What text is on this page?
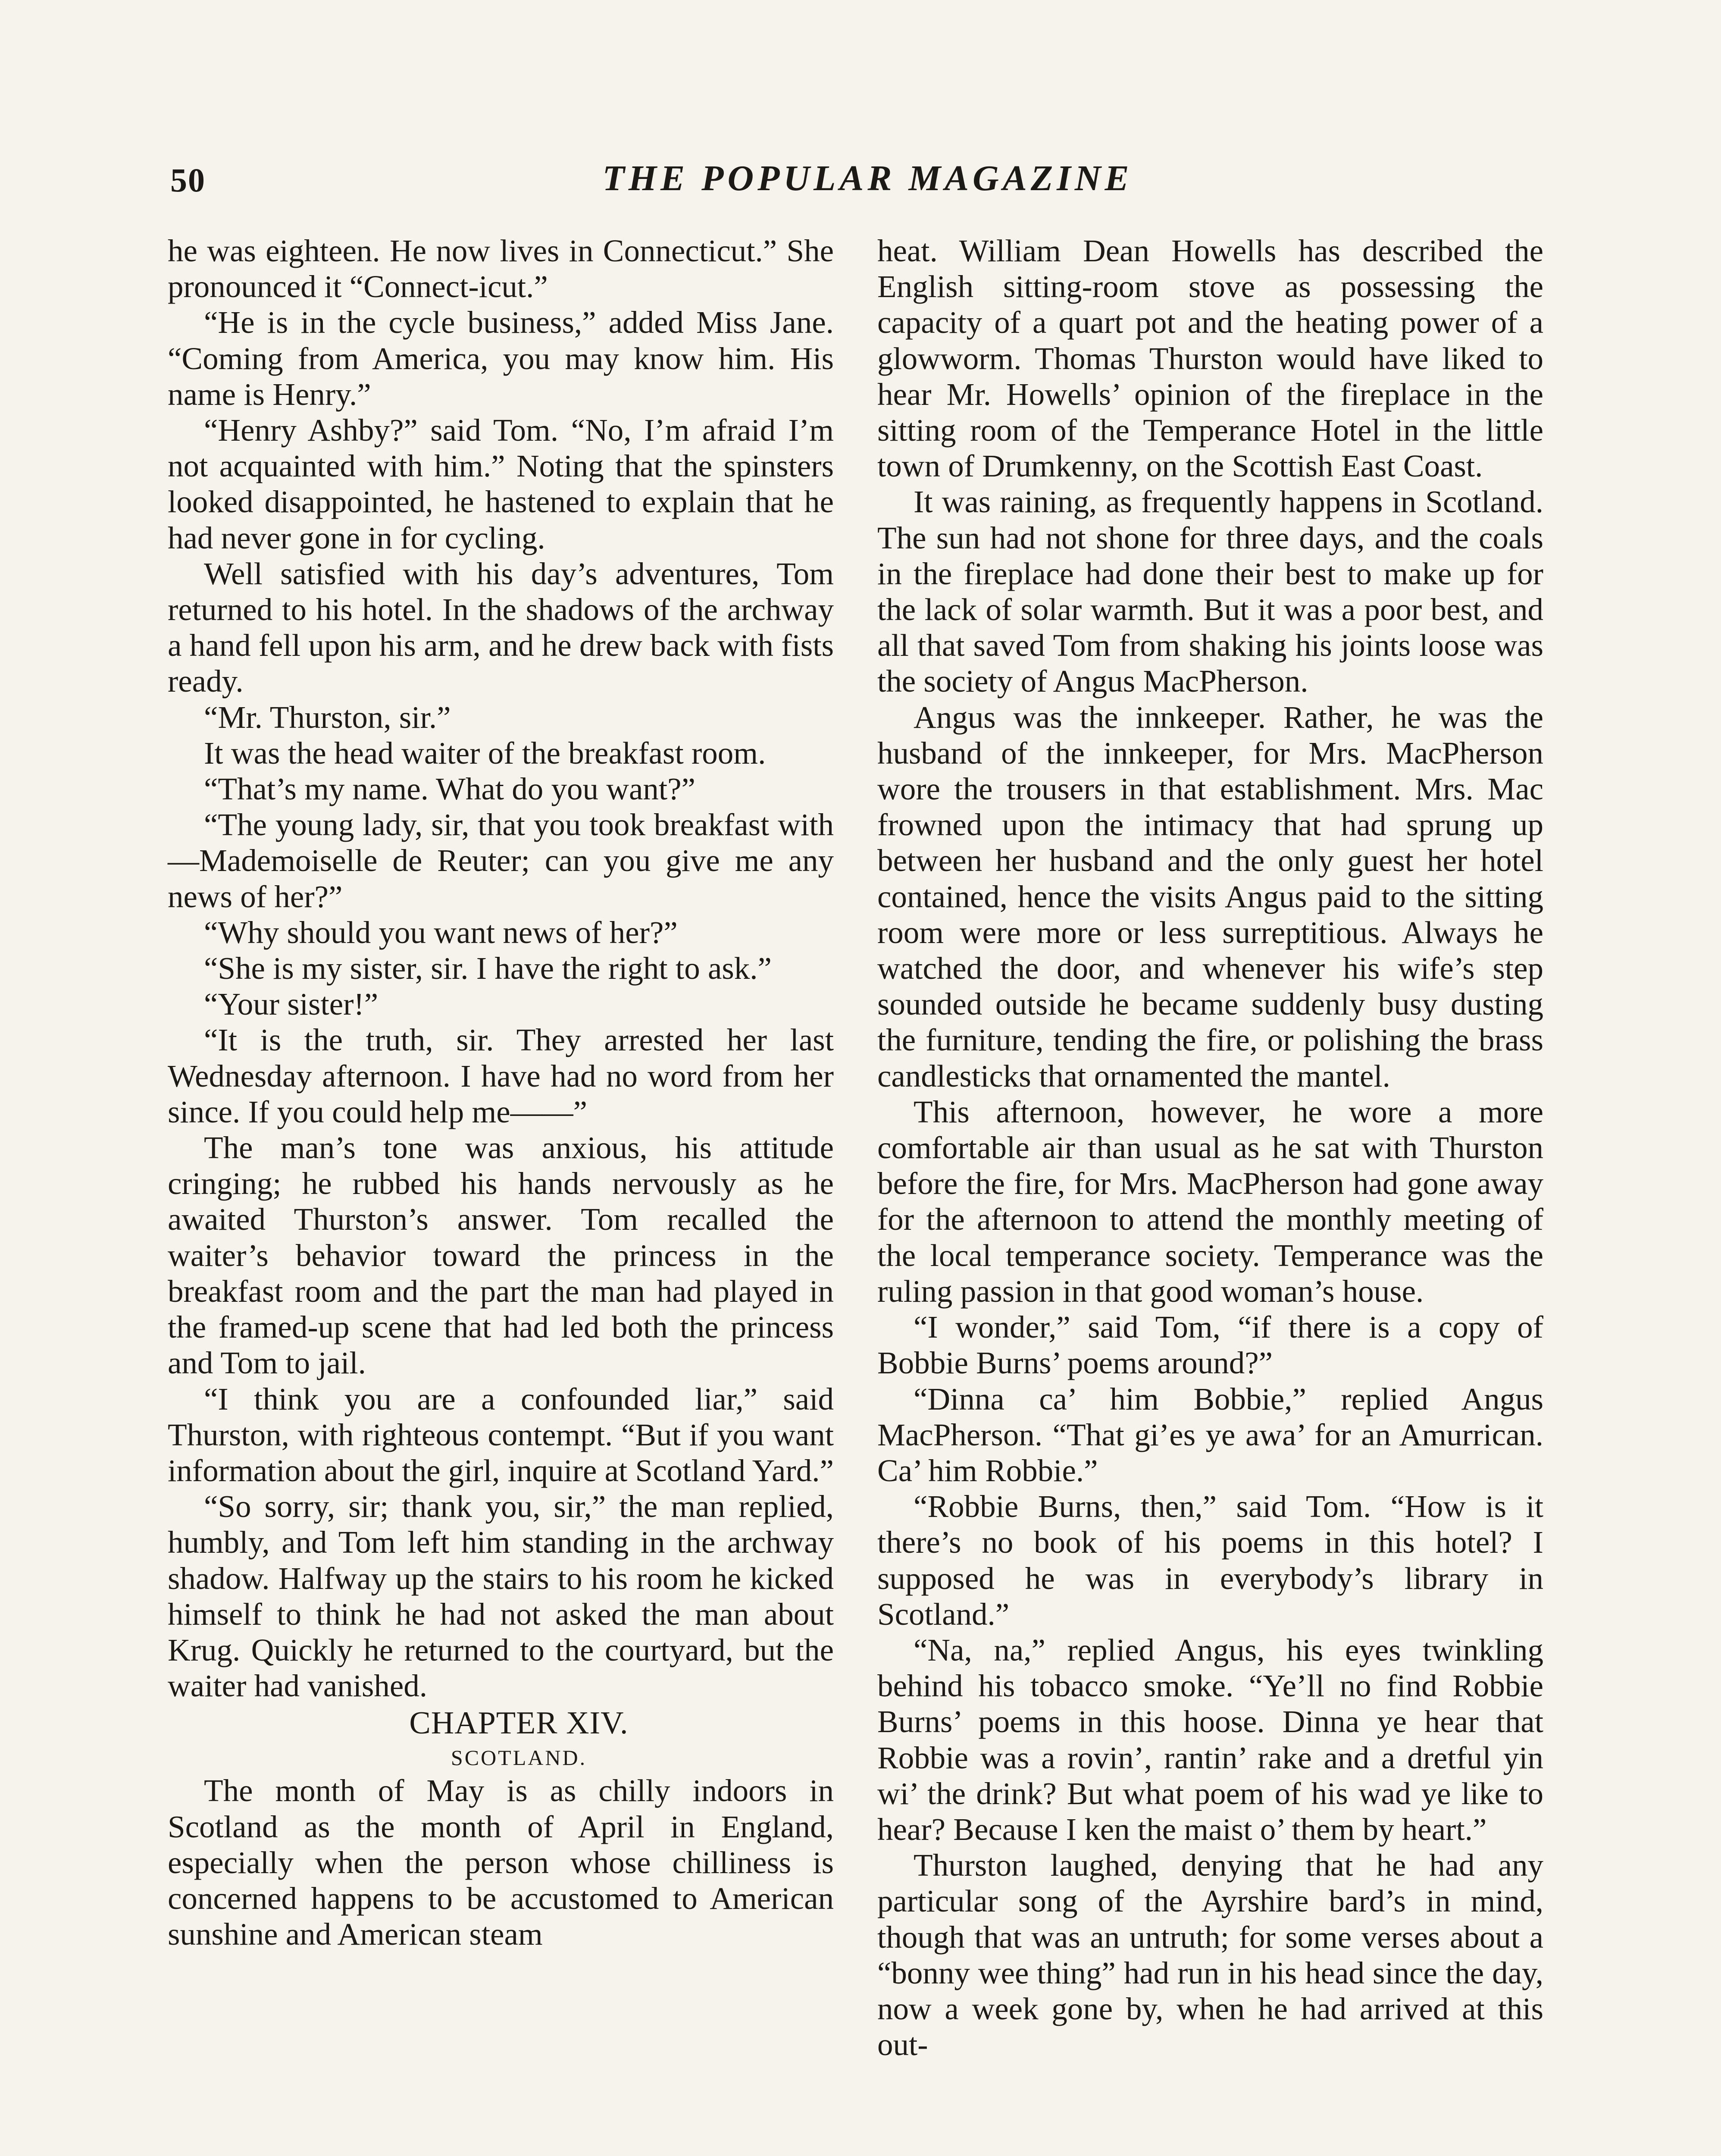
50	THE POPULAR MAGAZINE

he was eighteen. He now lives in Connecticut.” She pronounced it “Connect-icut.”

“He is in the cycle business,” added Miss Jane. “Coming from America, you may know him. His name is Henry.”

“Henry Ashby?” said Tom. “No, I’m afraid I’m not acquainted with him.” Noting that the spinsters looked disappointed, he hastened to explain that he had never gone in for cycling.

Well satisfied with his day’s adventures, Tom returned to his hotel. In the shadows of the archway a hand fell upon his arm, and he drew back with fists ready.

“Mr. Thurston, sir.”

It was the head waiter of the breakfast room.

“That’s my name. What do you want?”

“The young lady, sir, that you took breakfast with—Mademoiselle de Reuter; can you give me any news of her?”

“Why should you want news of her?”

“She is my sister, sir. I have the right to ask.”

“Your sister!”

“It is the truth, sir. They arrested her last Wednesday afternoon. I have had no word from her since. If you could help me——”

The man’s tone was anxious, his attitude cringing; he rubbed his hands nervously as he awaited Thurston’s answer. Tom recalled the waiter’s behavior toward the princess in the breakfast room and the part the man had played in the framed-up scene that had led both the princess and Tom to jail.

“I think you are a confounded liar,” said Thurston, with righteous contempt. “But if you want information about the girl, inquire at Scotland Yard.”

“So sorry, sir; thank you, sir,” the man replied, humbly, and Tom left him standing in the archway shadow. Halfway up the stairs to his room he kicked himself to think he had not asked the man about Krug. Quickly he returned to the courtyard, but the waiter had vanished.

CHAPTER XIV.

SCOTLAND.

The month of May is as chilly indoors in Scotland as the month of April in England, especially when the person whose chilliness is concerned happens to be accustomed to American sunshine and American steam

heat. William Dean Howells has described the English sitting-room stove as possessing the capacity of a quart pot and the heating power of a glowworm. Thomas Thurston would have liked to hear Mr. Howells’ opinion of the fireplace in the sitting room of the Temperance Hotel in the little town of Drumkenny, on the Scottish East Coast.

It was raining, as frequently happens in Scotland. The sun had not shone for three days, and the coals in the fireplace had done their best to make up for the lack of solar warmth. But it was a poor best, and all that saved Tom from shaking his joints loose was the society of Angus MacPherson.

Angus was the innkeeper. Rather, he was the husband of the innkeeper, for Mrs. MacPherson wore the trousers in that establishment. Mrs. Mac frowned upon the intimacy that had sprung up between her husband and the only guest her hotel contained, hence the visits Angus paid to the sitting room were more or less surreptitious. Always he watched the door, and whenever his wife’s step sounded outside he became suddenly busy dusting the furniture, tending the fire, or polishing the brass candlesticks that ornamented the mantel.

This afternoon, however, he wore a more comfortable air than usual as he sat with Thurston before the fire, for Mrs. MacPherson had gone away for the afternoon to attend the monthly meeting of the local temperance society. Temperance was the ruling passion in that good woman’s house.

“I wonder,” said Tom, “if there is a copy of Bobbie Burns’ poems around?”

“Dinna ca’ him Bobbie,” replied Angus MacPherson. “That gi’es ye awa’ for an Amurrican. Ca’ him Robbie.”

“Robbie Burns, then,” said Tom. “How is it there’s no book of his poems in this hotel? I supposed he was in everybody’s library in Scotland.”

“Na, na,” replied Angus, his eyes twinkling behind his tobacco smoke. “Ye’ll no find Robbie Burns’ poems in this hoose. Dinna ye hear that Robbie was a rovin’, rantin’ rake and a dretful yin wi’ the drink? But what poem of his wad ye like to hear? Because I ken the maist o’ them by heart.”

Thurston laughed, denying that he had any particular song of the Ayrshire bard’s in mind, though that was an untruth; for some verses about a “bonny wee thing” had run in his head since the day, now a week gone by, when he had arrived at this out-
